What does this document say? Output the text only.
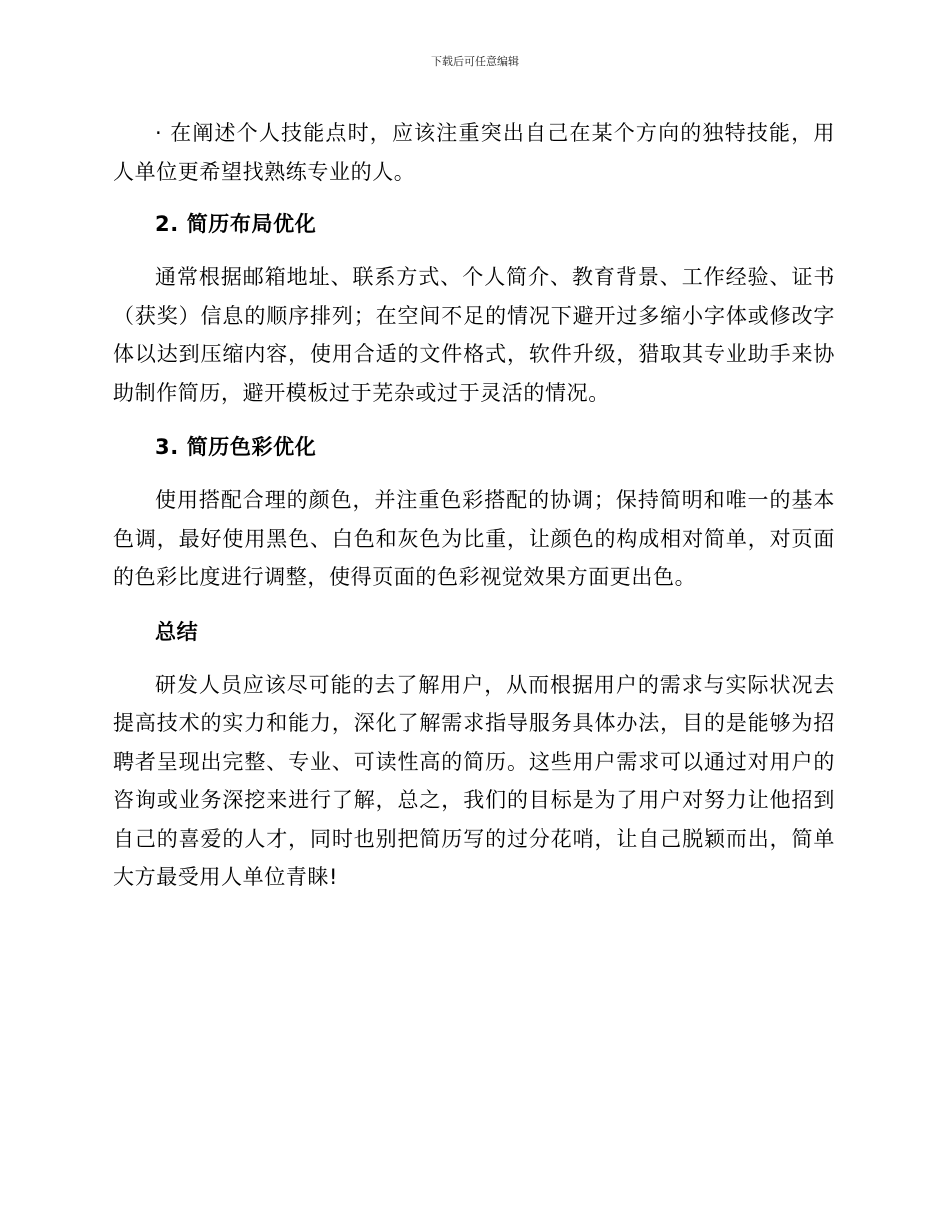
下载后可任意编辑

· 在阐述个人技能点时，应该注重突出自己在某个方向的独特技能，用人单位更希望找熟练专业的人。

2. 简历布局优化

通常根据邮箱地址、联系方式、个人简介、教育背景、工作经验、证书（获奖）信息的顺序排列；在空间不足的情况下避开过多缩小字体或修改字体以达到压缩内容，使用合适的文件格式，软件升级，猎取其专业助手来协助制作简历，避开模板过于芜杂或过于灵活的情况。

3. 简历色彩优化

使用搭配合理的颜色，并注重色彩搭配的协调；保持简明和唯一的基本色调，最好使用黑色、白色和灰色为比重，让颜色的构成相对简单，对页面的色彩比度进行调整，使得页面的色彩视觉效果方面更出色。

总结

研发人员应该尽可能的去了解用户，从而根据用户的需求与实际状况去提高技术的实力和能力，深化了解需求指导服务具体办法，目的是能够为招聘者呈现出完整、专业、可读性高的简历。这些用户需求可以通过对用户的咨询或业务深挖来进行了解，总之，我们的目标是为了用户对努力让他招到自己的喜爱的人才，同时也别把简历写的过分花哨，让自己脱颖而出，简单大方最受用人单位青睐!
